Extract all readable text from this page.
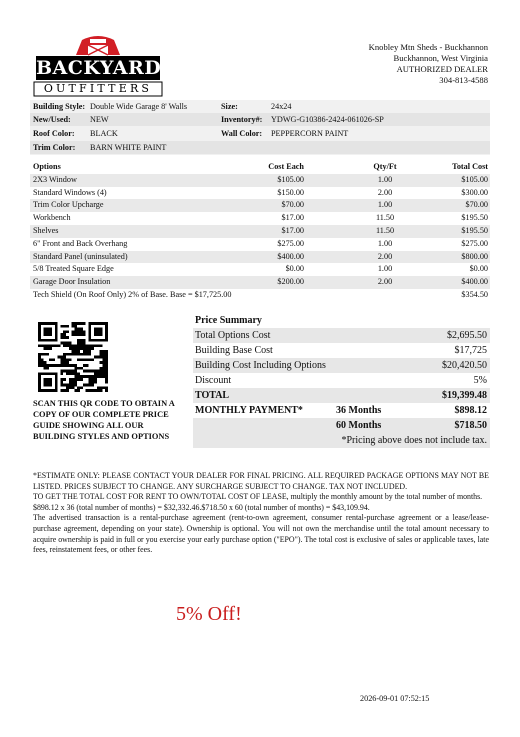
BACKYARD
OUTFITTERS
Knobley Mtn Sheds - Buckhannon
Buckhannon, West Virginia
AUTHORIZED DEALER
304-813-4588
Building Style: Double Wide Garage 8' Walls	Size:	24x24
New/Used: NEW	Inventory#: YDWG-G10386-2424-061026-SP
Roof Color: BLACK	Wall Color: PEPPERCORN PAINT
Trim Color: BARN WHITE PAINT
Options	Cost Each	Qty/Ft	Total Cost
2X3 Window	$105.00	1.00	$105.00
Standard Windows (4)	$150.00	2.00	$300.00
Trim Color Upcharge	$70.00	1.00	$70.00
Workbench	$17.00	11.50	$195.50
Shelves	$17.00	11.50	$195.50
6" Front and Back Overhang	$275.00	1.00	$275.00
Standard Panel (uninsulated)	$400.00	2.00	$800.00
5/8 Treated Square Edge	$0.00	1.00	$0.00
Garage Door Insulation	$200.00	2.00	$400.00
Tech Shield (On Roof Only) 2% of Base. Base = $17,725.00	$354.50
SCAN THIS QR CODE TO OBTAIN A COPY OF OUR COMPLETE PRICE GUIDE SHOWING ALL OUR BUILDING STYLES AND OPTIONS
Price Summary
Total Options Cost	$2,695.50
Building Base Cost	$17,725
Building Cost Including Options	$20,420.50
Discount	5%
TOTAL	$19,399.48
MONTHLY PAYMENT*	36 Months	$898.12
60 Months	$718.50
*Pricing above does not include tax.

*ESTIMATE ONLY: PLEASE CONTACT YOUR DEALER FOR FINAL PRICING. ALL REQUIRED PACKAGE OPTIONS MAY NOT BE LISTED. PRICES SUBJECT TO CHANGE. ANY SURCHARGE SUBJECT TO CHANGE. TAX NOT INCLUDED.

TO GET THE TOTAL COST FOR RENT TO OWN/TOTAL COST OF LEASE, multiply the monthly amount by the total number of months.

$898.12 x 36 (total number of months) = $32,332.46.$718.50 x 60 (total number of months) = $43,109.94.

The advertised transaction is a rental-purchase agreement (rent-to-own agreement, consumer rental-purchase agreement or a lease/lease-purchase agreement, depending on your state). Ownership is optional. You will not own the merchandise until the total amount necessary to acquire ownership is paid in full or you exercise your early purchase option ("EPO"). The total cost is exclusive of sales or applicable taxes, late fees, reinstatement fees, or other fees.

5% Off!
2026-09-01 07:52:15
